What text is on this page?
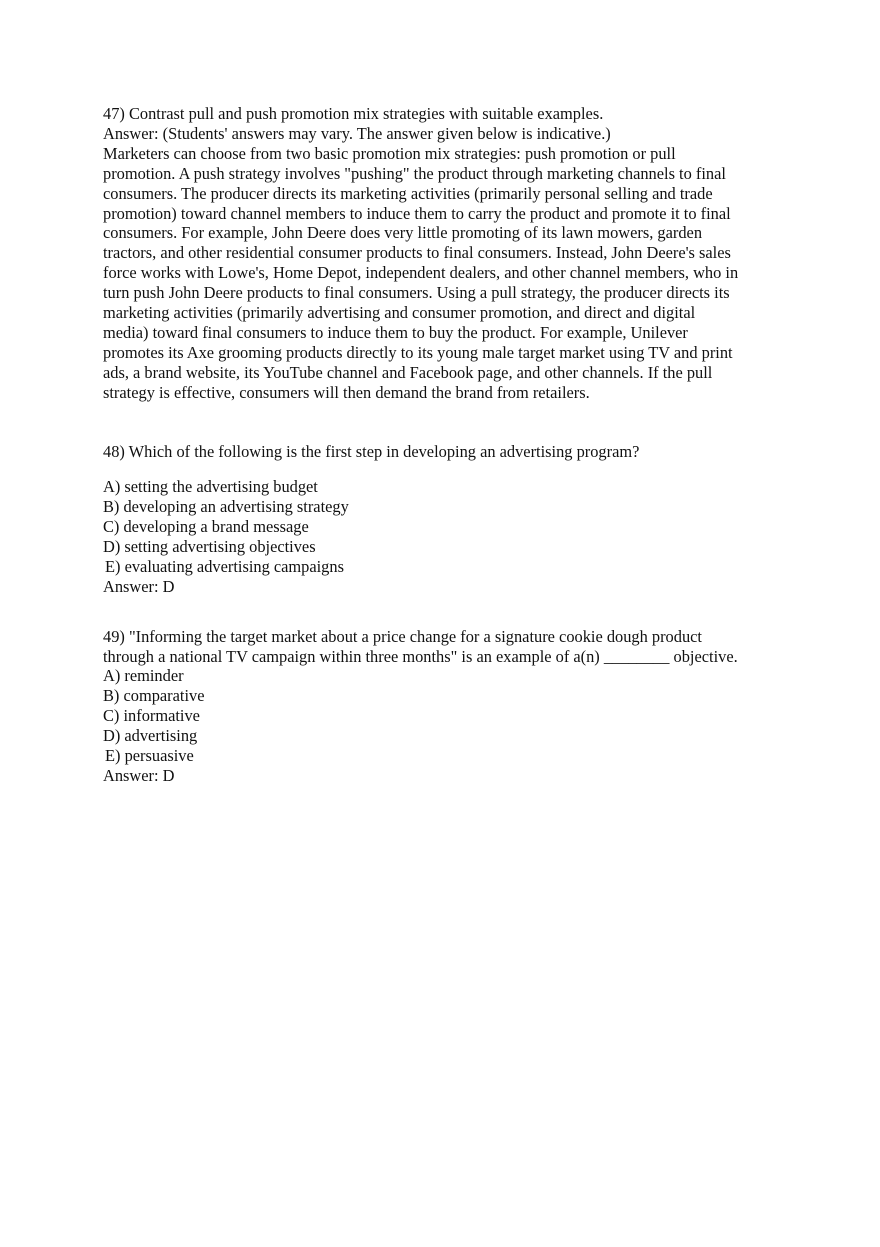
47) Contrast pull and push promotion mix strategies with suitable examples.
Answer: (Students' answers may vary. The answer given below is indicative.)
Marketers can choose from two basic promotion mix strategies: push promotion or pull
promotion. A push strategy involves "pushing" the product through marketing channels to final
consumers. The producer directs its marketing activities (primarily personal selling and trade
promotion) toward channel members to induce them to carry the product and promote it to final
consumers. For example, John Deere does very little promoting of its lawn mowers, garden
tractors, and other residential consumer products to final consumers. Instead, John Deere's sales
force works with Lowe's, Home Depot, independent dealers, and other channel members, who in
turn push John Deere products to final consumers. Using a pull strategy, the producer directs its
marketing activities (primarily advertising and consumer promotion, and direct and digital
media) toward final consumers to induce them to buy the product. For example, Unilever
promotes its Axe grooming products directly to its young male target market using TV and print
ads, a brand website, its YouTube channel and Facebook page, and other channels. If the pull
strategy is effective, consumers will then demand the brand from retailers.
48) Which of the following is the first step in developing an advertising program?
A) setting the advertising budget
B) developing an advertising strategy
C) developing a brand message
D) setting advertising objectives
E) evaluating advertising campaigns
Answer: D
49) "Informing the target market about a price change for a signature cookie dough product
through a national TV campaign within three months" is an example of a(n) ________ objective.
A) reminder
B) comparative
C) informative
D) advertising
E) persuasive
Answer: D
